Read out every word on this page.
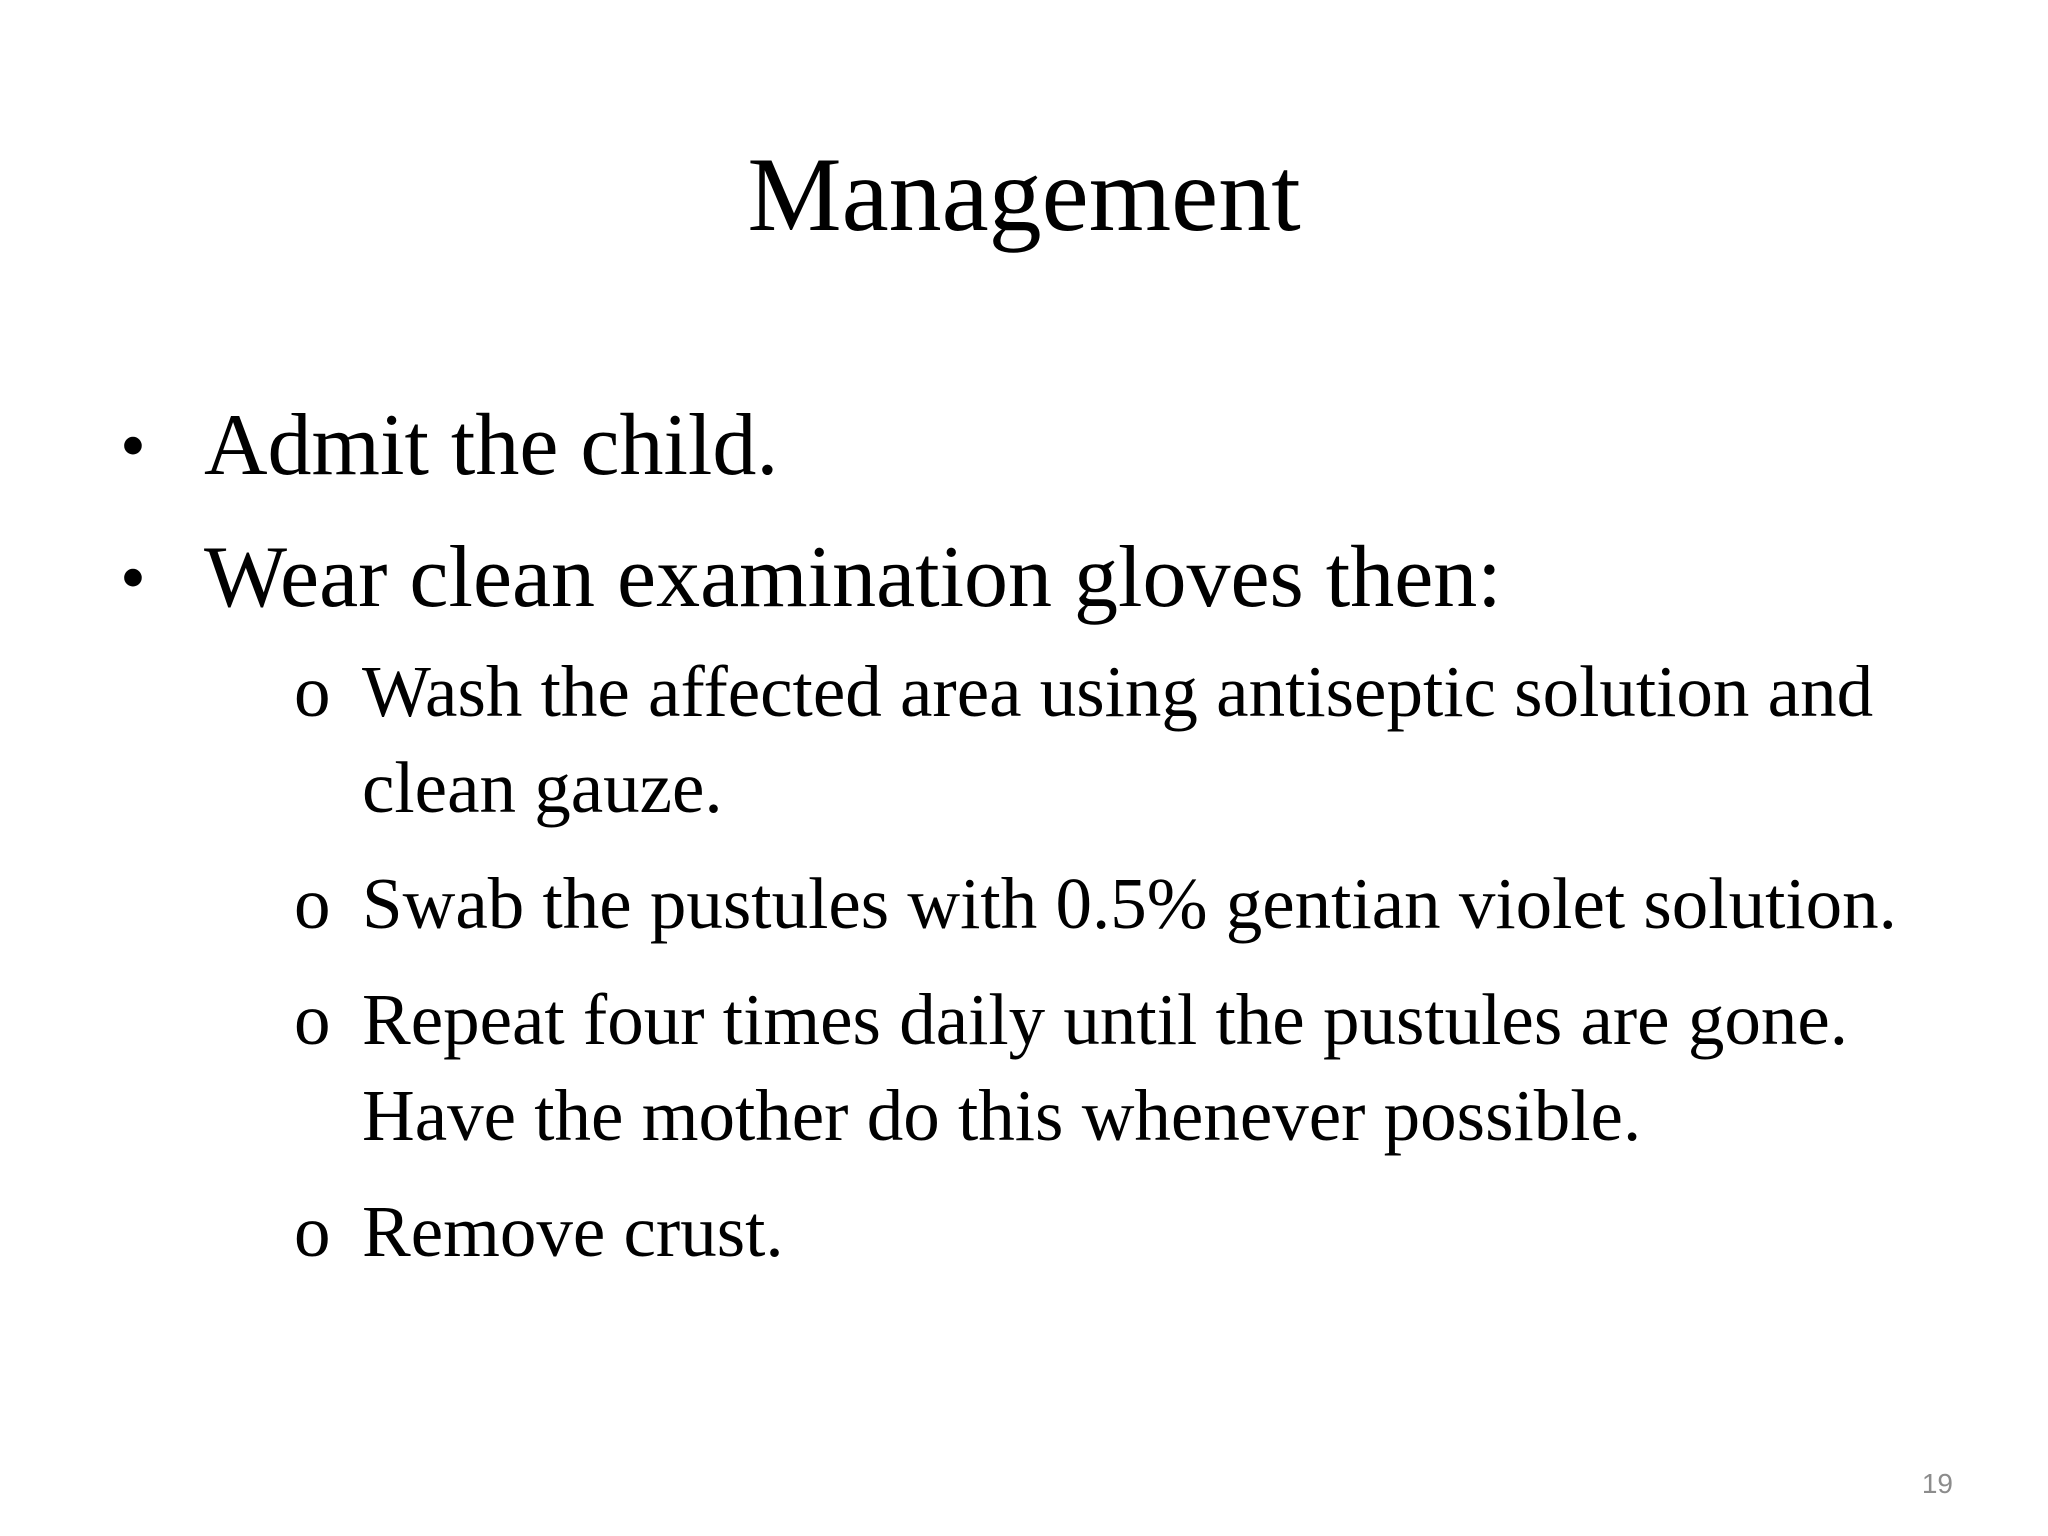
Management
• Admit the child.
• Wear clean examination gloves then:
o Wash the affected area using antiseptic solution and clean gauze.
o Swab the pustules with 0.5% gentian violet solution.
o Repeat four times daily until the pustules are gone. Have the mother do this whenever possible.
o Remove crust.
19
